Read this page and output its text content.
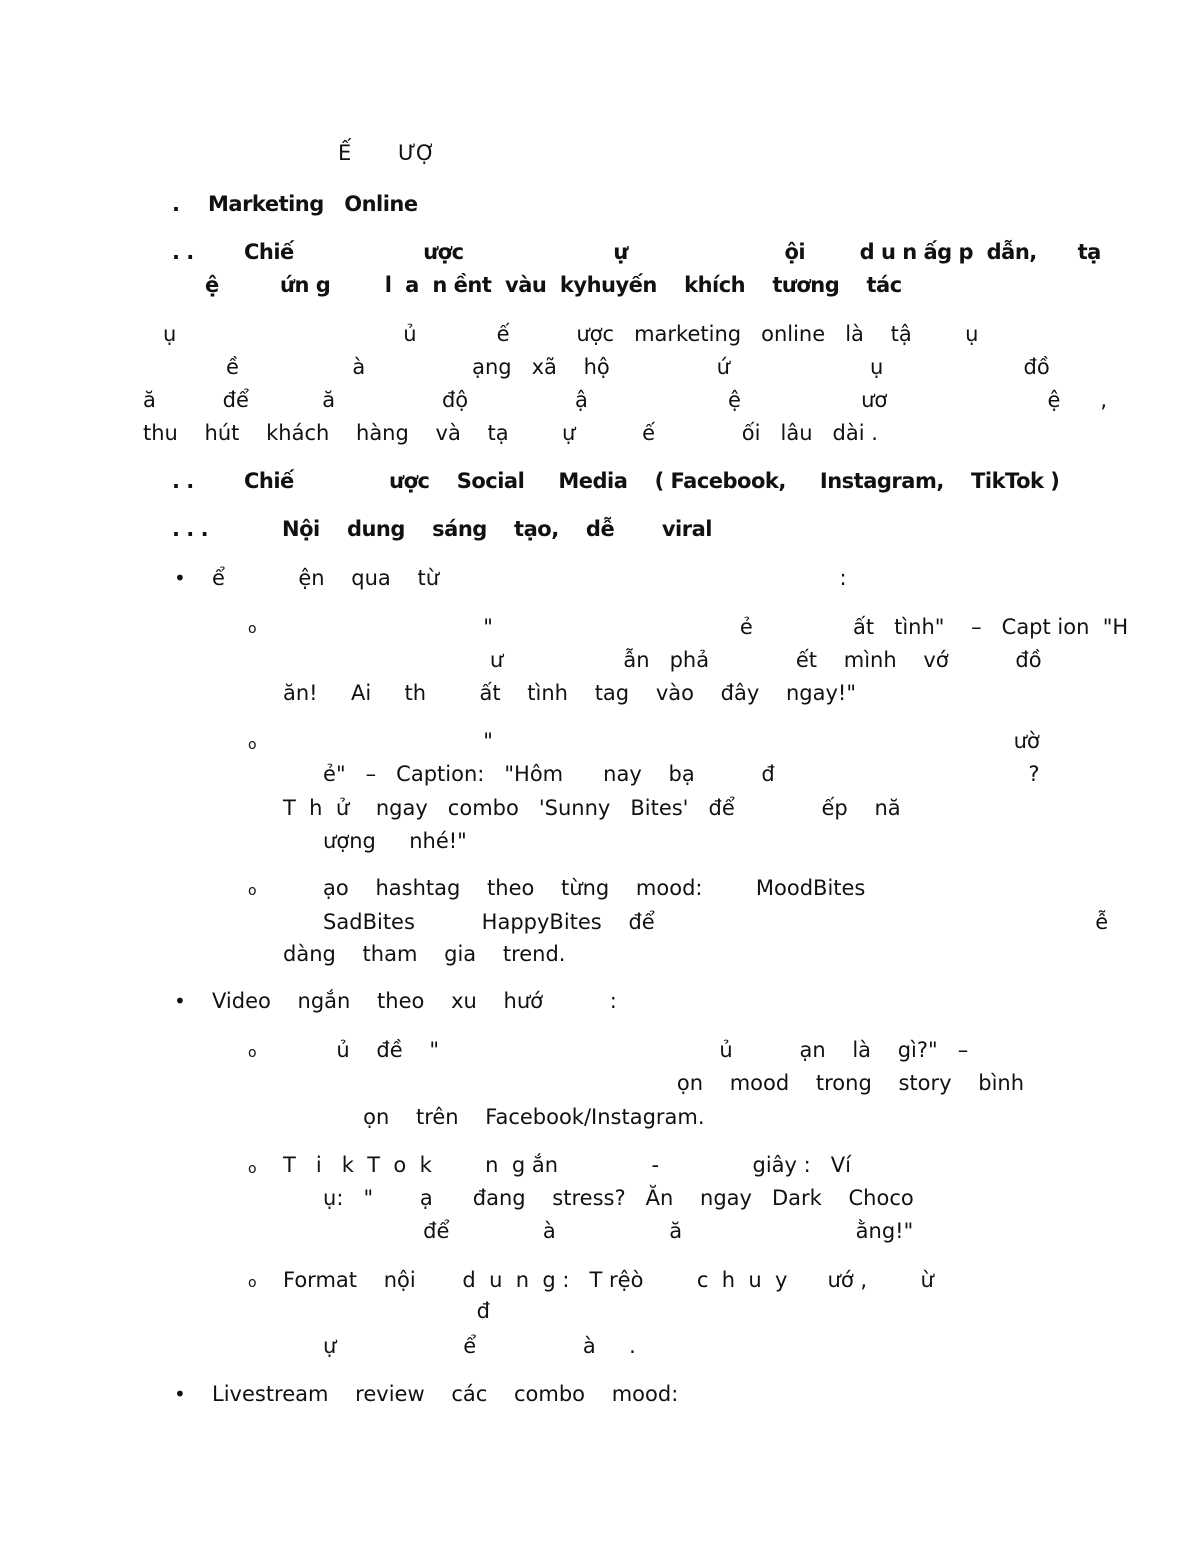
Ế       ƯỢ
. Marketing   Online
. . Chiế                   ược                      ự                       ội        d u n ấg p  dẫn,      tạ
ệ         ứn g        l  a  n ềnt  vàu  kyhuyến    khích    tương    tác
ụ                                  ủ            ế          ược   marketing   online   là    tậ        ụ
ề                 à                ạng   xã    hộ                ứ                     ụ                     đồ
ă          để           ă                độ                ậ                     ệ                  ươ                        ệ      ,
thu    hút    khách    hàng    và    tạ        ự          ế             ối   lâu   dài .
. . Chiế              ược    Social     Media    ( Facebook,     Instagram,    TikTok )
. . .	Nội    dung    sáng    tạo,    dễ       viral
• ể           ện    qua    từ                                                            :
o "                                     ẻ               ất   tình"    –   Capt ion  "H
ư                  ẫn   phả             ết    mình    vớ          đồ
ăn!     Ai     th        ất    tình    tag    vào    đây    ngay!"
o "                                                                              ườ
ẻ"   –   Caption:   "Hôm      nay    bạ          đ                                      ?
T  h  ử    ngay   combo   'Sunny   Bites'   để             ếp    nă
ượng     nhé!"
o ạo    hashtag    theo    từng    mood:        MoodBites
SadBites          HappyBites    để                                                                  ễ
dàng    tham    gia    trend.
• Video    ngắn    theo    xu    hướ          :
o ủ    đề    "                                          ủ          ạn    là    gì?"   –
ọn    mood    trong    story    bình
ọn    trên    Facebook/Instagram.
o T   i   k  T  o  k        n  g ắn              -              giây :   Ví
ụ:   "       ạ      đang    stress?   Ăn    ngay   Dark    Choco
để              à                 ă                          ằng!"
o Format    nội       d  u  n  g :   T rệò        c  h  u  y      ướ ,        ừ
đ
ự                   ể                à     .
• Livestream    review    các    combo    mood:
